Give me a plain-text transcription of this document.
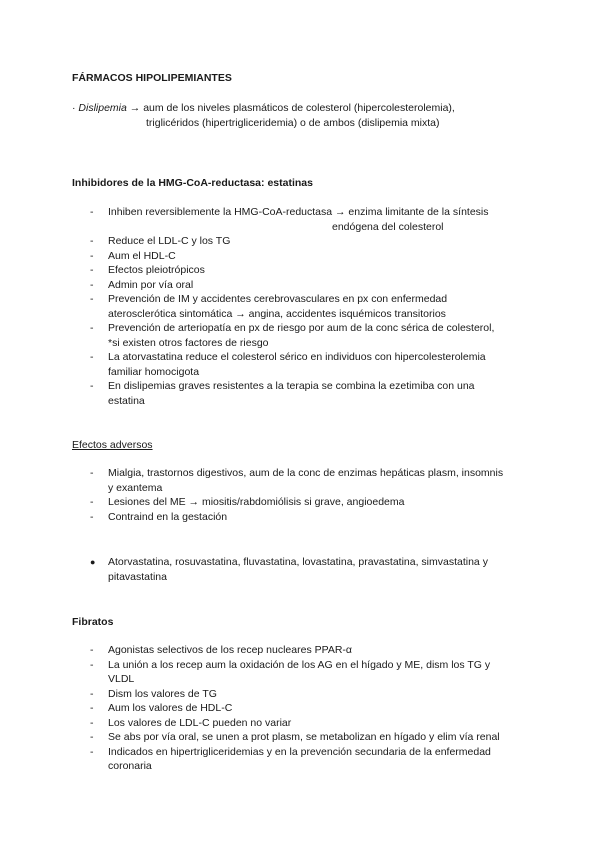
FÁRMACOS HIPOLIPEMIANTES
· Dislipemia → aum de los niveles plasmáticos de colesterol (hipercolesterolemia),
triglicéridos (hipertrigliceridemia) o de ambos (dislipemia mixta)
Inhibidores de la HMG-CoA-reductasa: estatinas
- Inhiben reversiblemente la HMG-CoA-reductasa → enzima limitante de la síntesis
endógena del colesterol
- Reduce el LDL-C y los TG
- Aum el HDL-C
- Efectos pleiotrópicos
- Admin por vía oral
- Prevención de IM y accidentes cerebrovasculares en px con enfermedad
aterosclerótica sintomática → angina, accidentes isquémicos transitorios
- Prevención de arteriopatía en px de riesgo por aum de la conc sérica de colesterol,
*si existen otros factores de riesgo
- La atorvastatina reduce el colesterol sérico en individuos con hipercolesterolemia
familiar homocigota
- En dislipemias graves resistentes a la terapia se combina la ezetimiba con una
estatina
Efectos adversos
- Mialgia, trastornos digestivos, aum de la conc de enzimas hepáticas plasm, insomnis
y exantema
- Lesiones del ME → miositis/rabdomiólisis si grave, angioedema
- Contraind en la gestación
● Atorvastatina, rosuvastatina, fluvastatina, lovastatina, pravastatina, simvastatina y
pitavastatina
Fibratos
- Agonistas selectivos de los recep nucleares PPAR-α
- La unión a los recep aum la oxidación de los AG en el hígado y ME, dism los TG y
VLDL
- Dism los valores de TG
- Aum los valores de HDL-C
- Los valores de LDL-C pueden no variar
- Se abs por vía oral, se unen a prot plasm, se metabolizan en hígado y elim vía renal
- Indicados en hipertrigliceridemias y en la prevención secundaria de la enfermedad
coronaria
